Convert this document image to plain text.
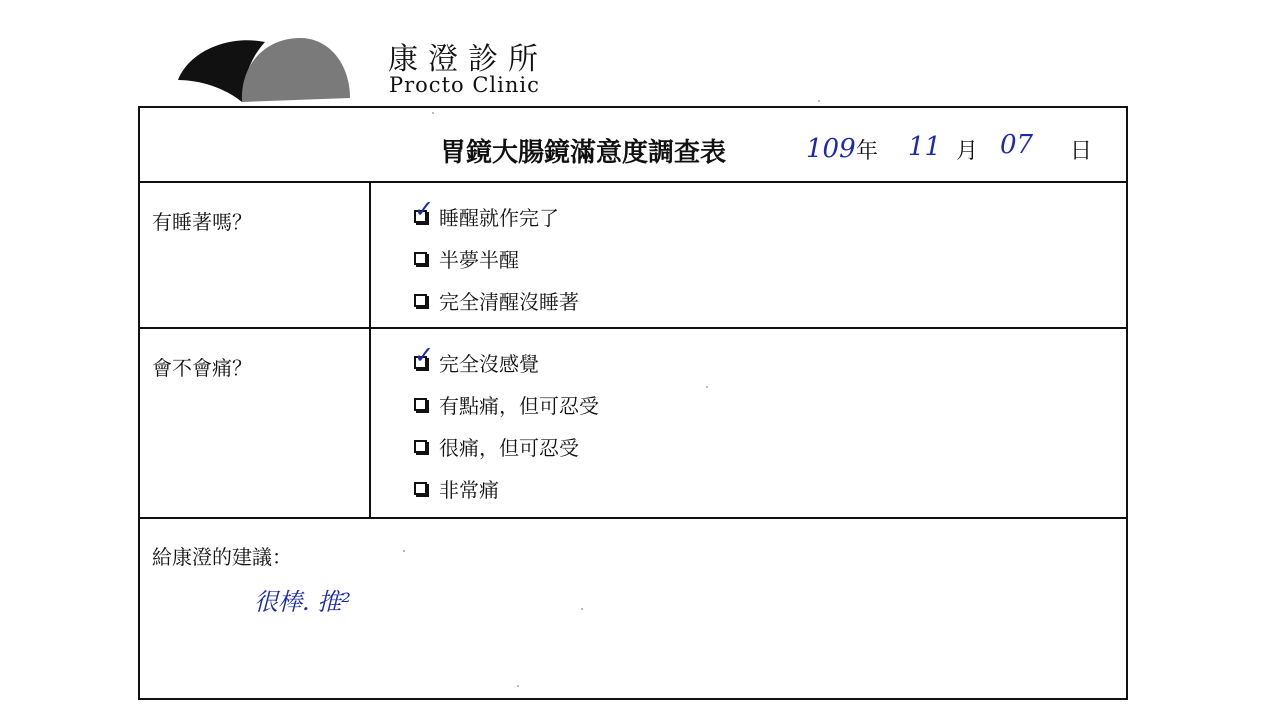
康澄診所
Procto Clinic
胃鏡大腸鏡滿意度調查表	109 年 11 月 07 日
有睡著嗎？	✓ 睡醒就作完了
半夢半醒
完全清醒沒睡著
會不會痛？	✓ 完全沒感覺
有點痛，但可忍受
很痛，但可忍受
非常痛
給康澄的建議：
很棒. 推²
